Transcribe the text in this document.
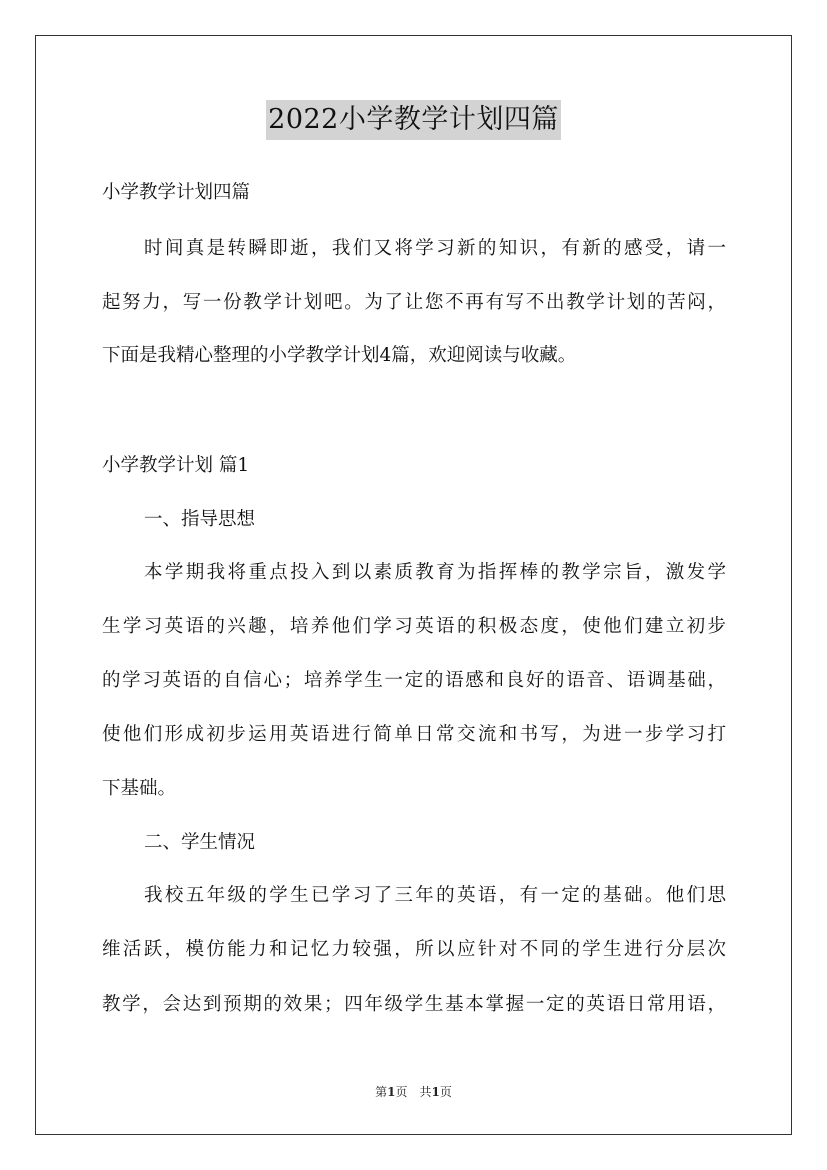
2022小学教学计划四篇
小学教学计划四篇
时间真是转瞬即逝，我们又将学习新的知识，有新的感受，请一
起努力，写一份教学计划吧。为了让您不再有写不出教学计划的苦闷，
下面是我精心整理的小学教学计划4篇，欢迎阅读与收藏。
小学教学计划 篇1
一、指导思想
本学期我将重点投入到以素质教育为指挥棒的教学宗旨，激发学
生学习英语的兴趣，培养他们学习英语的积极态度，使他们建立初步
的学习英语的自信心；培养学生一定的语感和良好的语音、语调基础，
使他们形成初步运用英语进行简单日常交流和书写，为进一步学习打
下基础。
二、学生情况
我校五年级的学生已学习了三年的英语，有一定的基础。他们思
维活跃，模仿能力和记忆力较强，所以应针对不同的学生进行分层次
教学，会达到预期的效果；四年级学生基本掌握一定的英语日常用语，
第1页　共1页
